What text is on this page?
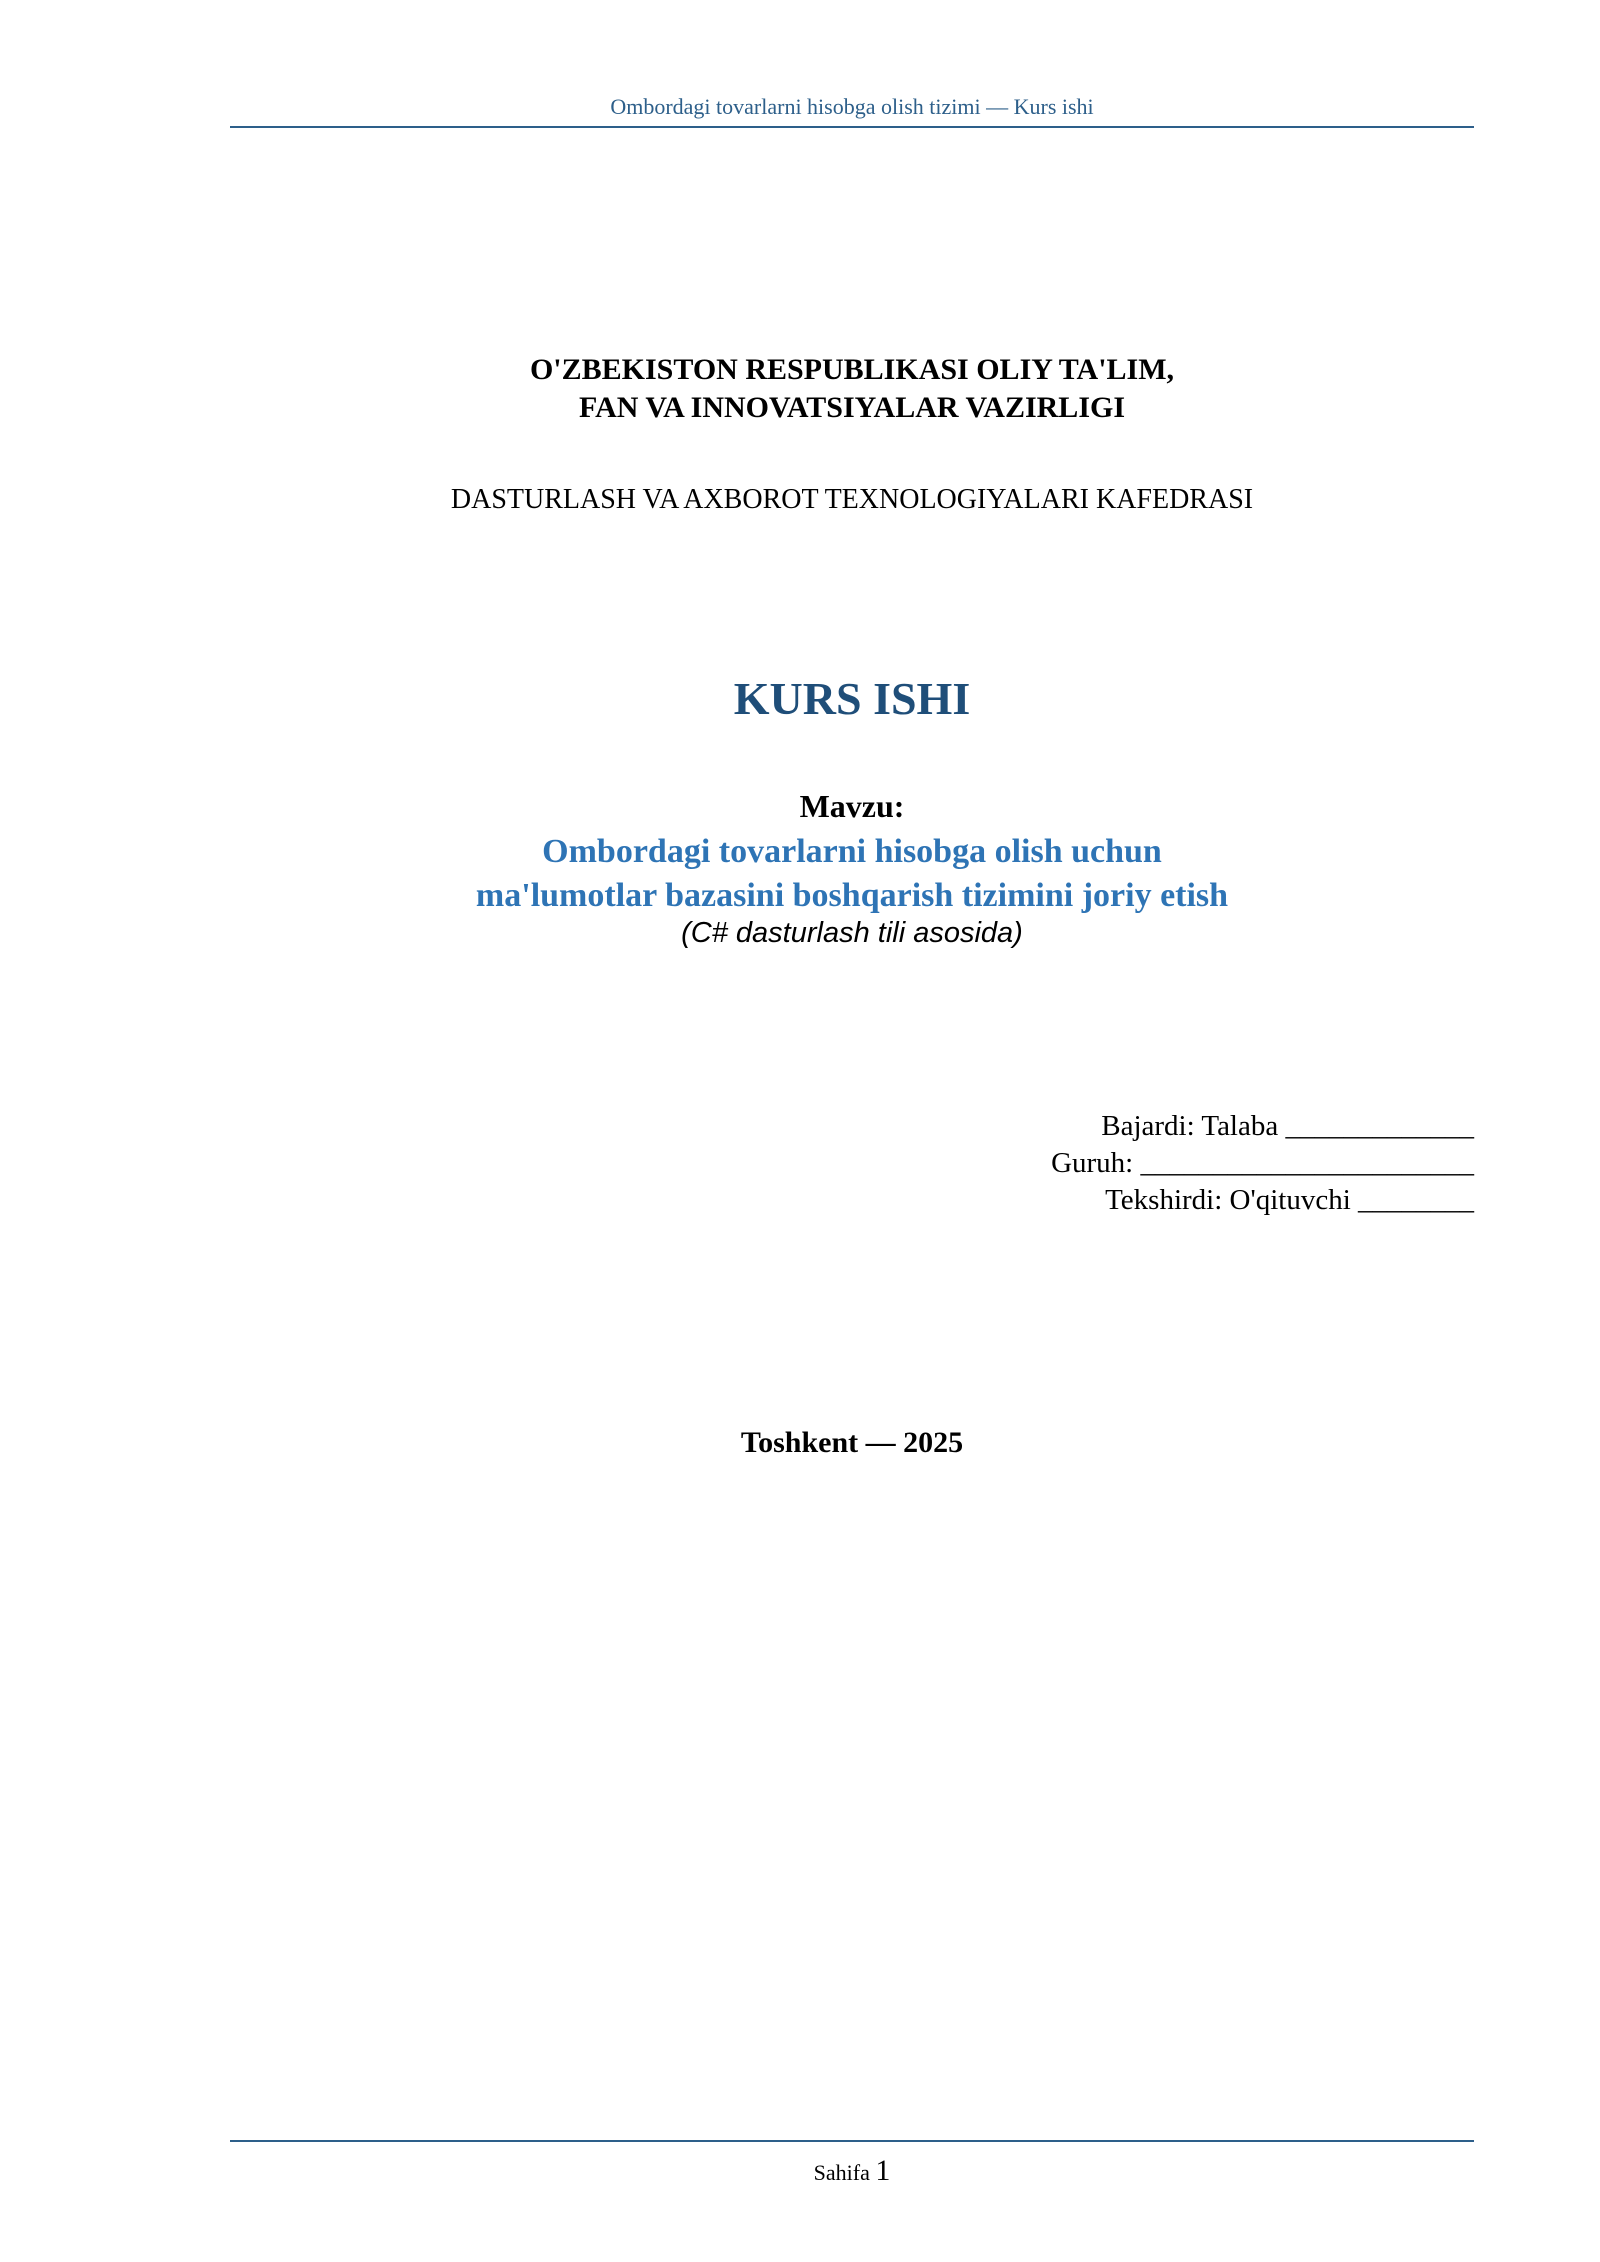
Ombordagi tovarlarni hisobga olish tizimi — Kurs ishi
O'ZBEKISTON RESPUBLIKASI OLIY TA'LIM,
FAN VA INNOVATSIYALAR VAZIRLIGI
DASTURLASH VA AXBOROT TEXNOLOGIYALARI KAFEDRASI
KURS ISHI
Mavzu:
Ombordagi tovarlarni hisobga olish uchun
ma'lumotlar bazasini boshqarish tizimini joriy etish
(C# dasturlash tili asosida)
Bajardi: Talaba _____________
Guruh: _______________________
Tekshirdi: O'qituvchi ________
Toshkent — 2025
Sahifa 1
